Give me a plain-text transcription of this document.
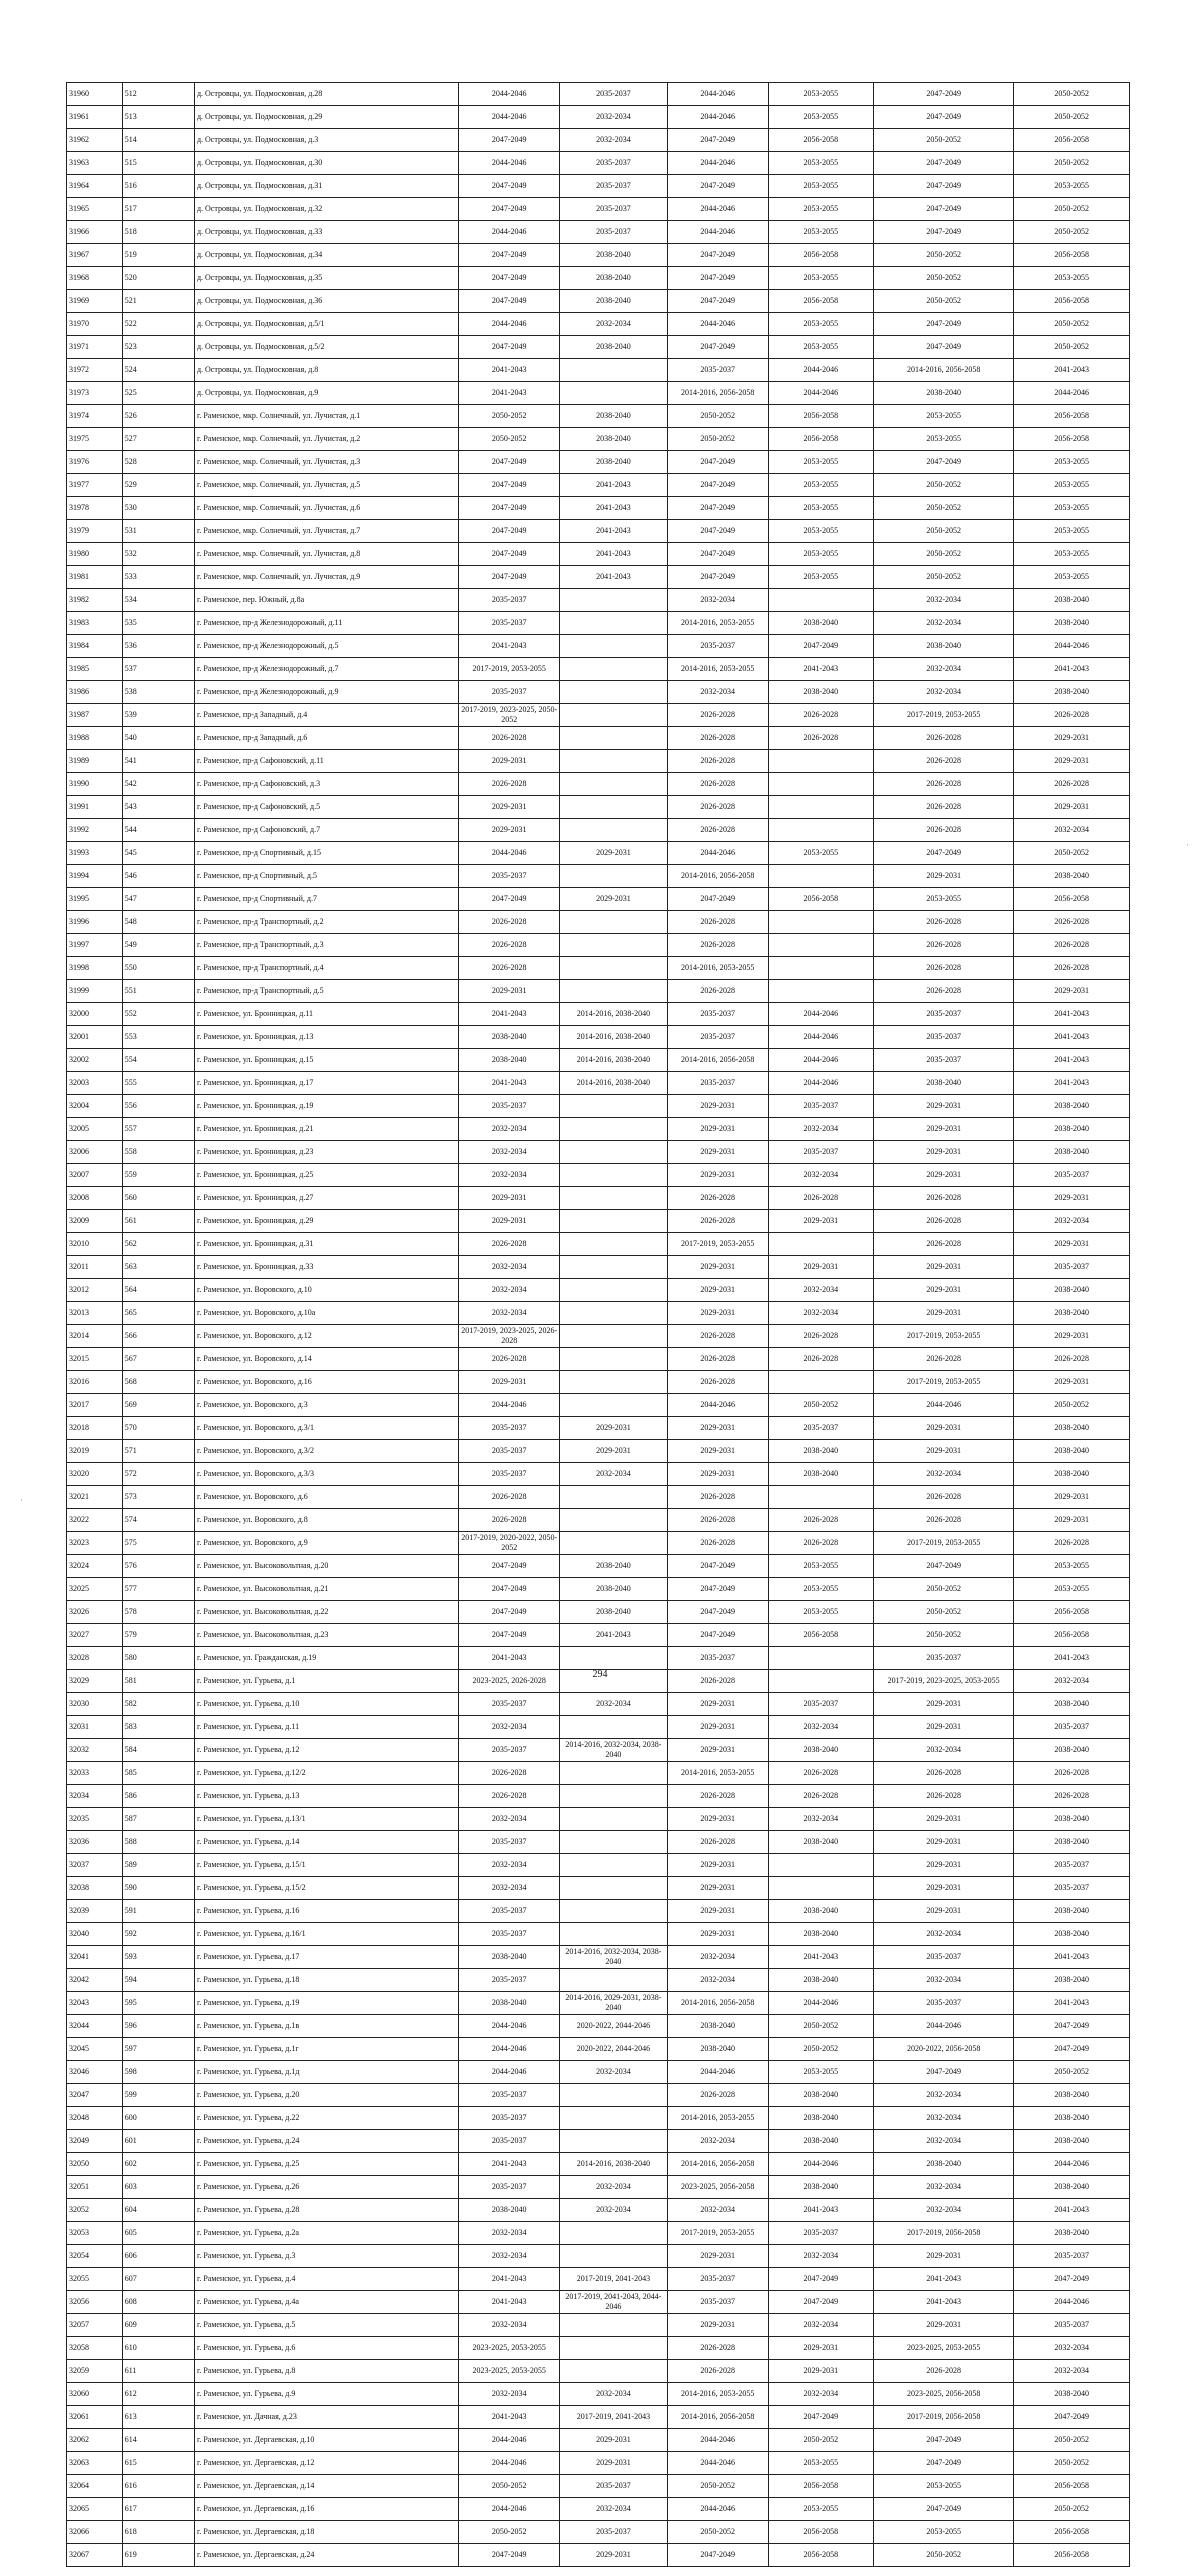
31960	512	д. Островцы, ул. Подмосковная, д.28	2044-2046	2035-2037	2044-2046	2053-2055	2047-2049	2050-2052
31961	513	д. Островцы, ул. Подмосковная, д.29	2044-2046	2032-2034	2044-2046	2053-2055	2047-2049	2050-2052
31962	514	д. Островцы, ул. Подмосковная, д.3	2047-2049	2032-2034	2047-2049	2056-2058	2050-2052	2056-2058
31963	515	д. Островцы, ул. Подмосковная, д.30	2044-2046	2035-2037	2044-2046	2053-2055	2047-2049	2050-2052
31964	516	д. Островцы, ул. Подмосковная, д.31	2047-2049	2035-2037	2047-2049	2053-2055	2047-2049	2053-2055
31965	517	д. Островцы, ул. Подмосковная, д.32	2047-2049	2035-2037	2044-2046	2053-2055	2047-2049	2050-2052
31966	518	д. Островцы, ул. Подмосковная, д.33	2044-2046	2035-2037	2044-2046	2053-2055	2047-2049	2050-2052
31967	519	д. Островцы, ул. Подмосковная, д.34	2047-2049	2038-2040	2047-2049	2056-2058	2050-2052	2056-2058
31968	520	д. Островцы, ул. Подмосковная, д.35	2047-2049	2038-2040	2047-2049	2053-2055	2050-2052	2053-2055
31969	521	д. Островцы, ул. Подмосковная, д.36	2047-2049	2038-2040	2047-2049	2056-2058	2050-2052	2056-2058
31970	522	д. Островцы, ул. Подмосковная, д.5/1	2044-2046	2032-2034	2044-2046	2053-2055	2047-2049	2050-2052
31971	523	д. Островцы, ул. Подмосковная, д.5/2	2047-2049	2038-2040	2047-2049	2053-2055	2047-2049	2050-2052
31972	524	д. Островцы, ул. Подмосковная, д.8	2041-2043		2035-2037	2044-2046	2014-2016, 2056-2058	2041-2043
31973	525	д. Островцы, ул. Подмосковная, д.9	2041-2043		2014-2016, 2056-2058	2044-2046	2038-2040	2044-2046
31974	526	г. Раменское, мкр. Солнечный, ул. Лучистая, д.1	2050-2052	2038-2040	2050-2052	2056-2058	2053-2055	2056-2058
31975	527	г. Раменское, мкр. Солнечный, ул. Лучистая, д.2	2050-2052	2038-2040	2050-2052	2056-2058	2053-2055	2056-2058
31976	528	г. Раменское, мкр. Солнечный, ул. Лучистая, д.3	2047-2049	2038-2040	2047-2049	2053-2055	2047-2049	2053-2055
31977	529	г. Раменское, мкр. Солнечный, ул. Лучистая, д.5	2047-2049	2041-2043	2047-2049	2053-2055	2050-2052	2053-2055
31978	530	г. Раменское, мкр. Солнечный, ул. Лучистая, д.6	2047-2049	2041-2043	2047-2049	2053-2055	2050-2052	2053-2055
31979	531	г. Раменское, мкр. Солнечный, ул. Лучистая, д.7	2047-2049	2041-2043	2047-2049	2053-2055	2050-2052	2053-2055
31980	532	г. Раменское, мкр. Солнечный, ул. Лучистая, д.8	2047-2049	2041-2043	2047-2049	2053-2055	2050-2052	2053-2055
31981	533	г. Раменское, мкр. Солнечный, ул. Лучистая, д.9	2047-2049	2041-2043	2047-2049	2053-2055	2050-2052	2053-2055
31982	534	г. Раменское, пер. Южный, д.8а	2035-2037		2032-2034		2032-2034	2038-2040
31983	535	г. Раменское, пр-д Железнодорожный, д.11	2035-2037		2014-2016, 2053-2055	2038-2040	2032-2034	2038-2040
31984	536	г. Раменское, пр-д Железнодорожный, д.5	2041-2043		2035-2037	2047-2049	2038-2040	2044-2046
31985	537	г. Раменское, пр-д Железнодорожный, д.7	2017-2019, 2053-2055		2014-2016, 2053-2055	2041-2043	2032-2034	2041-2043
31986	538	г. Раменское, пр-д Железнодорожный, д.9	2035-2037		2032-2034	2038-2040	2032-2034	2038-2040
31987	539	г. Раменское, пр-д Западный, д.4	2017-2019, 2023-2025, 2050-2052		2026-2028	2026-2028	2017-2019, 2053-2055	2026-2028
31988	540	г. Раменское, пр-д Западный, д.6	2026-2028		2026-2028	2026-2028	2026-2028	2029-2031
31989	541	г. Раменское, пр-д Сафоновский, д.11	2029-2031		2026-2028		2026-2028	2029-2031
31990	542	г. Раменское, пр-д Сафоновский, д.3	2026-2028		2026-2028		2026-2028	2026-2028
31991	543	г. Раменское, пр-д Сафоновский, д.5	2029-2031		2026-2028		2026-2028	2029-2031
31992	544	г. Раменское, пр-д Сафоновский, д.7	2029-2031		2026-2028		2026-2028	2032-2034
31993	545	г. Раменское, пр-д Спортивный, д.15	2044-2046	2029-2031	2044-2046	2053-2055	2047-2049	2050-2052
31994	546	г. Раменское, пр-д Спортивный, д.5	2035-2037		2014-2016, 2056-2058		2029-2031	2038-2040
31995	547	г. Раменское, пр-д Спортивный, д.7	2047-2049	2029-2031	2047-2049	2056-2058	2053-2055	2056-2058
31996	548	г. Раменское, пр-д Транспортный, д.2	2026-2028		2026-2028		2026-2028	2026-2028
31997	549	г. Раменское, пр-д Транспортный, д.3	2026-2028		2026-2028		2026-2028	2026-2028
31998	550	г. Раменское, пр-д Транспортный, д.4	2026-2028		2014-2016, 2053-2055		2026-2028	2026-2028
31999	551	г. Раменское, пр-д Транспортный, д.5	2029-2031		2026-2028		2026-2028	2029-2031
32000	552	г. Раменское, ул. Бронницкая, д.11	2041-2043	2014-2016, 2038-2040	2035-2037	2044-2046	2035-2037	2041-2043
32001	553	г. Раменское, ул. Бронницкая, д.13	2038-2040	2014-2016, 2038-2040	2035-2037	2044-2046	2035-2037	2041-2043
32002	554	г. Раменское, ул. Бронницкая, д.15	2038-2040	2014-2016, 2038-2040	2014-2016, 2056-2058	2044-2046	2035-2037	2041-2043
32003	555	г. Раменское, ул. Бронницкая, д.17	2041-2043	2014-2016, 2038-2040	2035-2037	2044-2046	2038-2040	2041-2043
32004	556	г. Раменское, ул. Бронницкая, д.19	2035-2037		2029-2031	2035-2037	2029-2031	2038-2040
32005	557	г. Раменское, ул. Бронницкая, д.21	2032-2034		2029-2031	2032-2034	2029-2031	2038-2040
32006	558	г. Раменское, ул. Бронницкая, д.23	2032-2034		2029-2031	2035-2037	2029-2031	2038-2040
32007	559	г. Раменское, ул. Бронницкая, д.25	2032-2034		2029-2031	2032-2034	2029-2031	2035-2037
32008	560	г. Раменское, ул. Бронницкая, д.27	2029-2031		2026-2028	2026-2028	2026-2028	2029-2031
32009	561	г. Раменское, ул. Бронницкая, д.29	2029-2031		2026-2028	2029-2031	2026-2028	2032-2034
32010	562	г. Раменское, ул. Бронницкая, д.31	2026-2028		2017-2019, 2053-2055		2026-2028	2029-2031
32011	563	г. Раменское, ул. Бронницкая, д.33	2032-2034		2029-2031	2029-2031	2029-2031	2035-2037
32012	564	г. Раменское, ул. Воровского, д.10	2032-2034		2029-2031	2032-2034	2029-2031	2038-2040
32013	565	г. Раменское, ул. Воровского, д.10а	2032-2034		2029-2031	2032-2034	2029-2031	2038-2040
32014	566	г. Раменское, ул. Воровского, д.12	2017-2019, 2023-2025, 2026-2028		2026-2028	2026-2028	2017-2019, 2053-2055	2029-2031
32015	567	г. Раменское, ул. Воровского, д.14	2026-2028		2026-2028	2026-2028	2026-2028	2026-2028
32016	568	г. Раменское, ул. Воровского, д.16	2029-2031		2026-2028		2017-2019, 2053-2055	2029-2031
32017	569	г. Раменское, ул. Воровского, д.3	2044-2046		2044-2046	2050-2052	2044-2046	2050-2052
32018	570	г. Раменское, ул. Воровского, д.3/1	2035-2037	2029-2031	2029-2031	2035-2037	2029-2031	2038-2040
32019	571	г. Раменское, ул. Воровского, д.3/2	2035-2037	2029-2031	2029-2031	2038-2040	2029-2031	2038-2040
32020	572	г. Раменское, ул. Воровского, д.3/3	2035-2037	2032-2034	2029-2031	2038-2040	2032-2034	2038-2040
32021	573	г. Раменское, ул. Воровского, д.6	2026-2028		2026-2028		2026-2028	2029-2031
32022	574	г. Раменское, ул. Воровского, д.8	2026-2028		2026-2028	2026-2028	2026-2028	2029-2031
32023	575	г. Раменское, ул. Воровского, д.9	2017-2019, 2020-2022, 2050-2052		2026-2028	2026-2028	2017-2019, 2053-2055	2026-2028
32024	576	г. Раменское, ул. Высоковольтная, д.20	2047-2049	2038-2040	2047-2049	2053-2055	2047-2049	2053-2055
32025	577	г. Раменское, ул. Высоковольтная, д.21	2047-2049	2038-2040	2047-2049	2053-2055	2050-2052	2053-2055
32026	578	г. Раменское, ул. Высоковольтная, д.22	2047-2049	2038-2040	2047-2049	2053-2055	2050-2052	2056-2058
32027	579	г. Раменское, ул. Высоковольтная, д.23	2047-2049	2041-2043	2047-2049	2056-2058	2050-2052	2056-2058
32028	580	г. Раменское, ул. Гражданская, д.19	2041-2043		2035-2037		2035-2037	2041-2043
32029	581	г. Раменское, ул. Гурьева, д.1	2023-2025, 2026-2028		2026-2028		2017-2019, 2023-2025, 2053-2055	2032-2034
32030	582	г. Раменское, ул. Гурьева, д.10	2035-2037	2032-2034	2029-2031	2035-2037	2029-2031	2038-2040
32031	583	г. Раменское, ул. Гурьева, д.11	2032-2034		2029-2031	2032-2034	2029-2031	2035-2037
32032	584	г. Раменское, ул. Гурьева, д.12	2035-2037	2014-2016, 2032-2034, 2038-2040	2029-2031	2038-2040	2032-2034	2038-2040
32033	585	г. Раменское, ул. Гурьева, д.12/2	2026-2028		2014-2016, 2053-2055	2026-2028	2026-2028	2026-2028
32034	586	г. Раменское, ул. Гурьева, д.13	2026-2028		2026-2028	2026-2028	2026-2028	2026-2028
32035	587	г. Раменское, ул. Гурьева, д.13/1	2032-2034		2029-2031	2032-2034	2029-2031	2038-2040
32036	588	г. Раменское, ул. Гурьева, д.14	2035-2037		2026-2028	2038-2040	2029-2031	2038-2040
32037	589	г. Раменское, ул. Гурьева, д.15/1	2032-2034		2029-2031		2029-2031	2035-2037
32038	590	г. Раменское, ул. Гурьева, д.15/2	2032-2034		2029-2031		2029-2031	2035-2037
32039	591	г. Раменское, ул. Гурьева, д.16	2035-2037		2029-2031	2038-2040	2029-2031	2038-2040
32040	592	г. Раменское, ул. Гурьева, д.16/1	2035-2037		2029-2031	2038-2040	2032-2034	2038-2040
32041	593	г. Раменское, ул. Гурьева, д.17	2038-2040	2014-2016, 2032-2034, 2038-2040	2032-2034	2041-2043	2035-2037	2041-2043
32042	594	г. Раменское, ул. Гурьева, д.18	2035-2037		2032-2034	2038-2040	2032-2034	2038-2040
32043	595	г. Раменское, ул. Гурьева, д.19	2038-2040	2014-2016, 2029-2031, 2038-2040	2014-2016, 2056-2058	2044-2046	2035-2037	2041-2043
32044	596	г. Раменское, ул. Гурьева, д.1в	2044-2046	2020-2022, 2044-2046	2038-2040	2050-2052	2044-2046	2047-2049
32045	597	г. Раменское, ул. Гурьева, д.1г	2044-2046	2020-2022, 2044-2046	2038-2040	2050-2052	2020-2022, 2056-2058	2047-2049
32046	598	г. Раменское, ул. Гурьева, д.1д	2044-2046	2032-2034	2044-2046	2053-2055	2047-2049	2050-2052
32047	599	г. Раменское, ул. Гурьева, д.20	2035-2037		2026-2028	2038-2040	2032-2034	2038-2040
32048	600	г. Раменское, ул. Гурьева, д.22	2035-2037		2014-2016, 2053-2055	2038-2040	2032-2034	2038-2040
32049	601	г. Раменское, ул. Гурьева, д.24	2035-2037		2032-2034	2038-2040	2032-2034	2038-2040
32050	602	г. Раменское, ул. Гурьева, д.25	2041-2043	2014-2016, 2038-2040	2014-2016, 2056-2058	2044-2046	2038-2040	2044-2046
32051	603	г. Раменское, ул. Гурьева, д.26	2035-2037	2032-2034	2023-2025, 2056-2058	2038-2040	2032-2034	2038-2040
32052	604	г. Раменское, ул. Гурьева, д.28	2038-2040	2032-2034	2032-2034	2041-2043	2032-2034	2041-2043
32053	605	г. Раменское, ул. Гурьева, д.2а	2032-2034		2017-2019, 2053-2055	2035-2037	2017-2019, 2056-2058	2038-2040
32054	606	г. Раменское, ул. Гурьева, д.3	2032-2034		2029-2031	2032-2034	2029-2031	2035-2037
32055	607	г. Раменское, ул. Гурьева, д.4	2041-2043	2017-2019, 2041-2043	2035-2037	2047-2049	2041-2043	2047-2049
32056	608	г. Раменское, ул. Гурьева, д.4а	2041-2043	2017-2019, 2041-2043, 2044-2046	2035-2037	2047-2049	2041-2043	2044-2046
32057	609	г. Раменское, ул. Гурьева, д.5	2032-2034		2029-2031	2032-2034	2029-2031	2035-2037
32058	610	г. Раменское, ул. Гурьева, д.6	2023-2025, 2053-2055		2026-2028	2029-2031	2023-2025, 2053-2055	2032-2034
32059	611	г. Раменское, ул. Гурьева, д.8	2023-2025, 2053-2055		2026-2028	2029-2031	2026-2028	2032-2034
32060	612	г. Раменское, ул. Гурьева, д.9	2032-2034	2032-2034	2014-2016, 2053-2055	2032-2034	2023-2025, 2056-2058	2038-2040
32061	613	г. Раменское, ул. Дачная, д.23	2041-2043	2017-2019, 2041-2043	2014-2016, 2056-2058	2047-2049	2017-2019, 2056-2058	2047-2049
32062	614	г. Раменское, ул. Дергаевская, д.10	2044-2046	2029-2031	2044-2046	2050-2052	2047-2049	2050-2052
32063	615	г. Раменское, ул. Дергаевская, д.12	2044-2046	2029-2031	2044-2046	2053-2055	2047-2049	2050-2052
32064	616	г. Раменское, ул. Дергаевская, д.14	2050-2052	2035-2037	2050-2052	2056-2058	2053-2055	2056-2058
32065	617	г. Раменское, ул. Дергаевская, д.16	2044-2046	2032-2034	2044-2046	2053-2055	2047-2049	2050-2052
32066	618	г. Раменское, ул. Дергаевская, д.18	2050-2052	2035-2037	2050-2052	2056-2058	2053-2055	2056-2058
32067	619	г. Раменское, ул. Дергаевская, д.24	2047-2049	2029-2031	2047-2049	2056-2058	2050-2052	2056-2058
294
·
·
